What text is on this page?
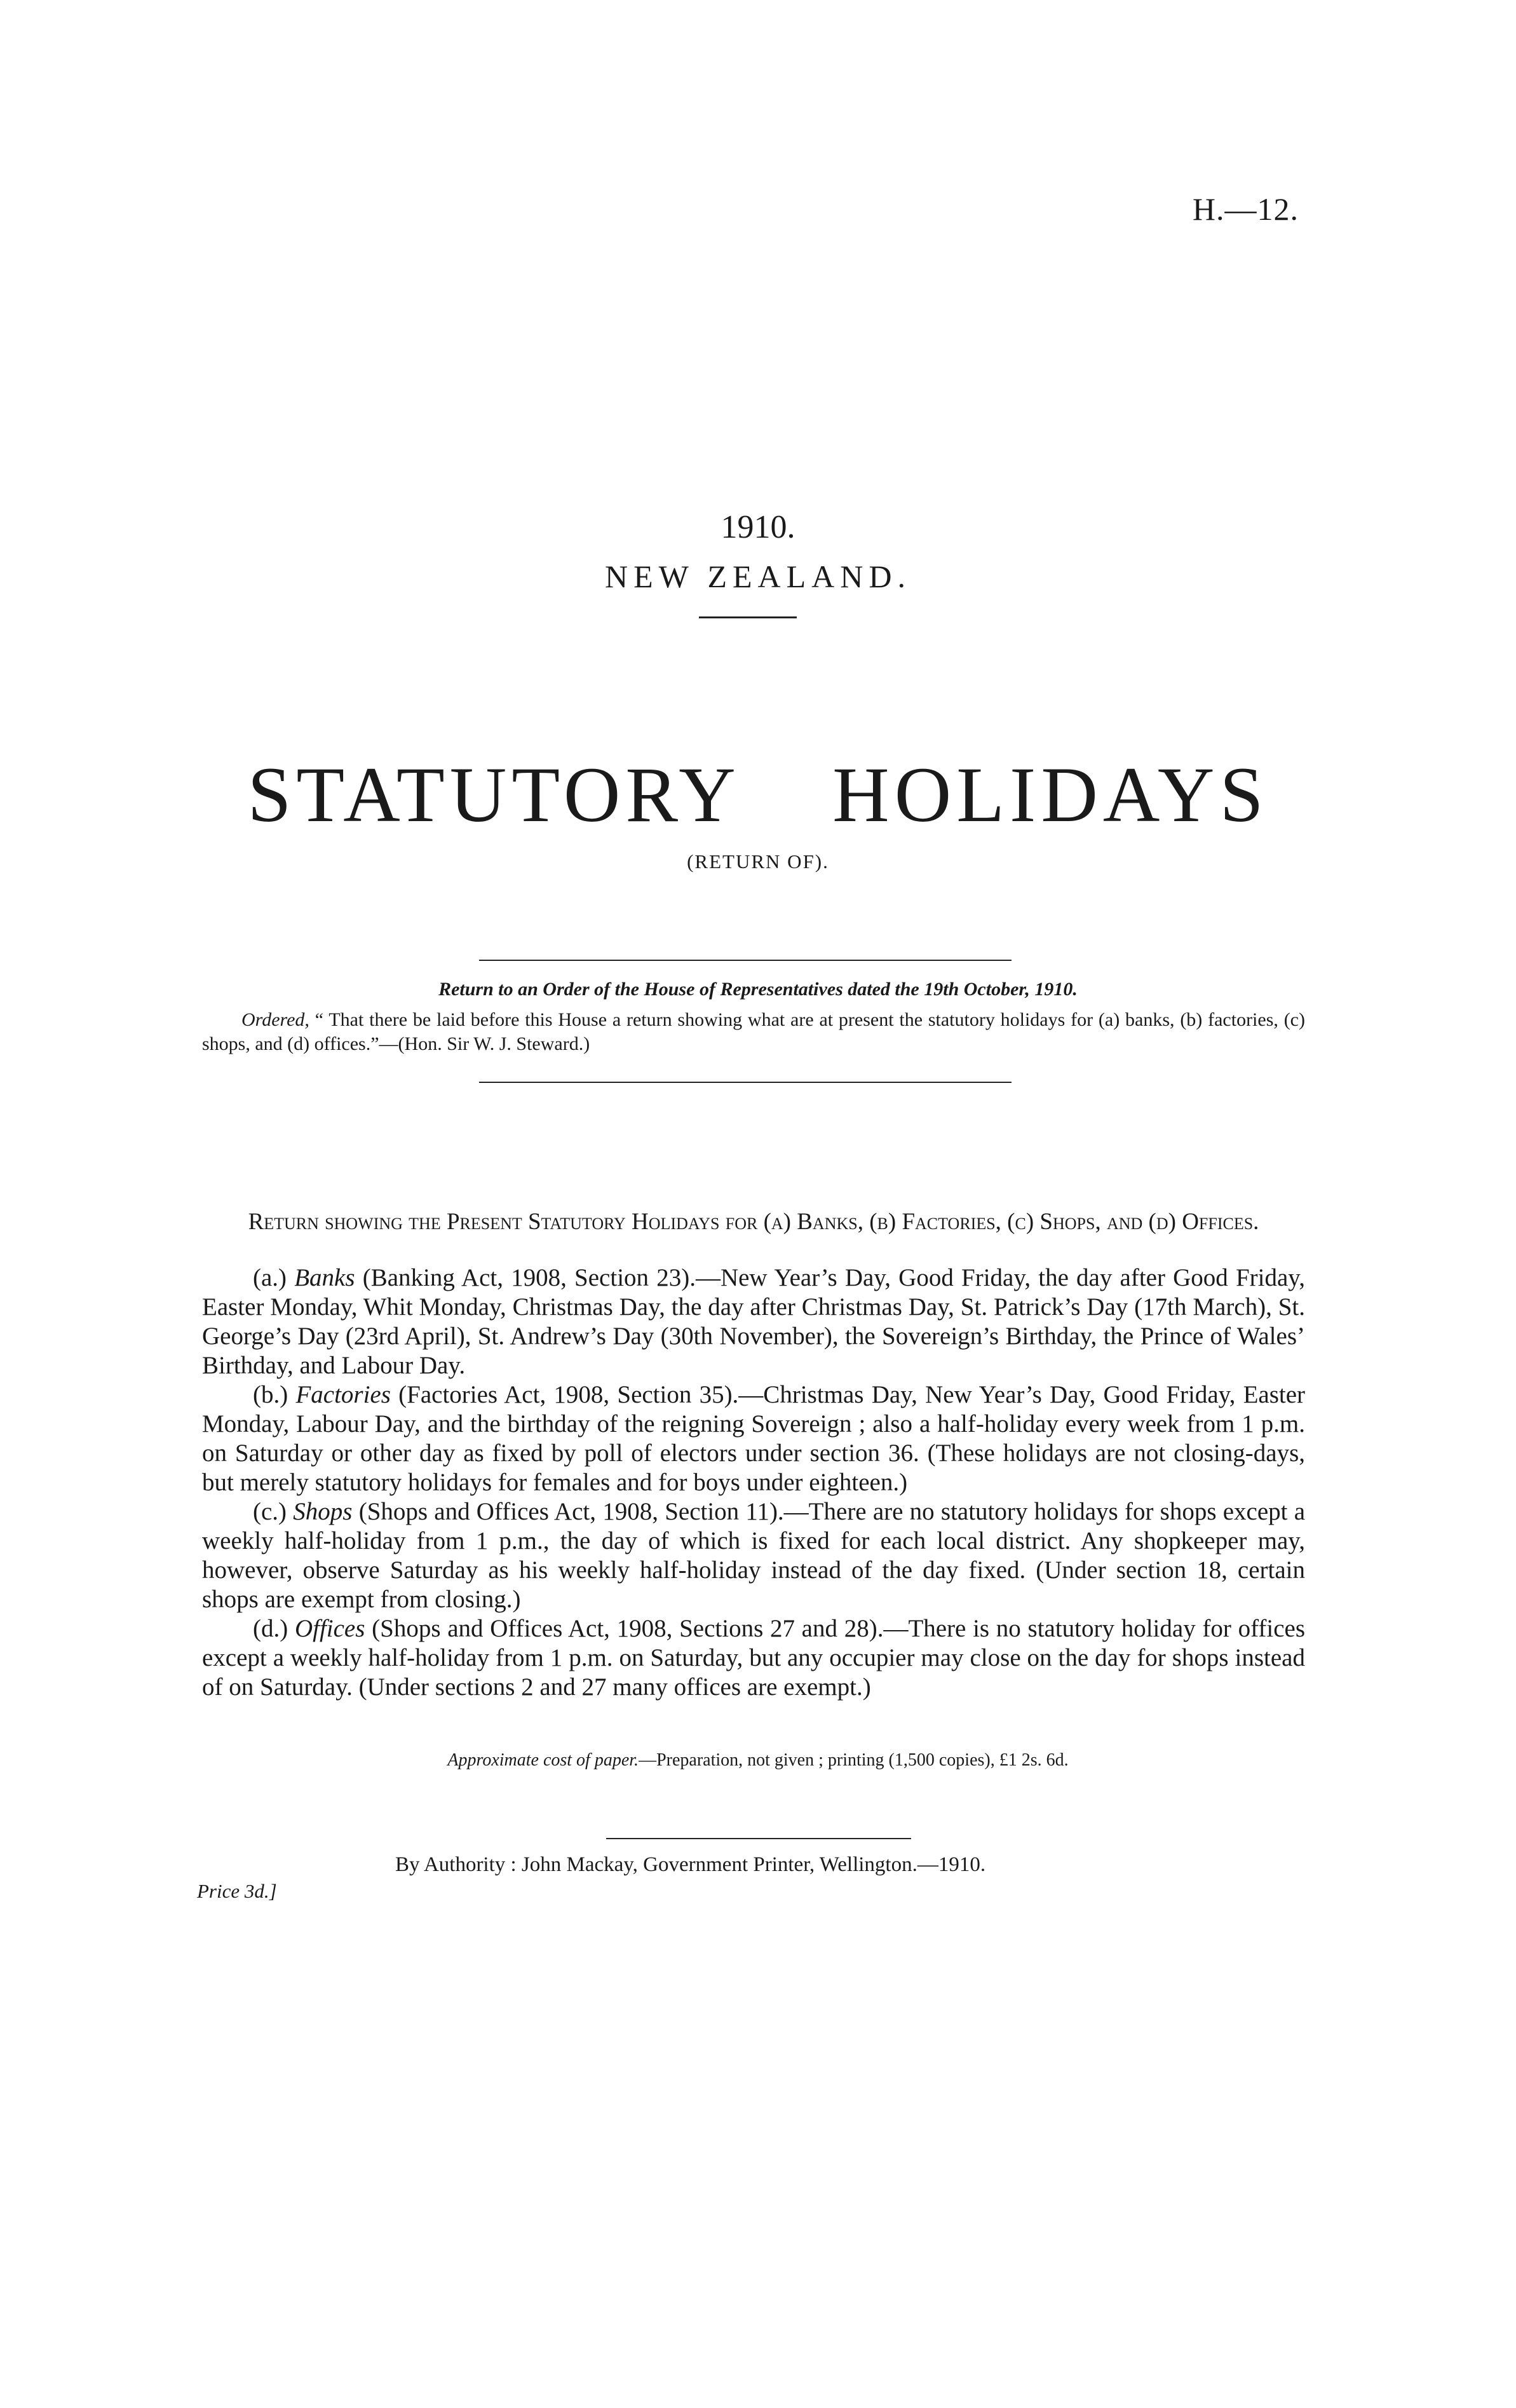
H.—12.
1910.
NEW ZEALAND.
STATUTORY HOLIDAYS
(RETURN OF).
Return to an Order of the House of Representatives dated the 19th October, 1910.
Ordered, “ That there be laid before this House a return showing what are at present the statutory holidays for (a) banks, (b) factories, (c) shops, and (d) offices.”—(Hon. Sir W. J. Steward.)
Return showing the Present Statutory Holidays for (a) Banks, (b) Factories, (c) Shops, and (d) Offices.

(a.) Banks (Banking Act, 1908, Section 23).—New Year’s Day, Good Friday, the day after Good Friday, Easter Monday, Whit Monday, Christmas Day, the day after Christmas Day, St. Patrick’s Day (17th March), St. George’s Day (23rd April), St. Andrew’s Day (30th November), the Sovereign’s Birthday, the Prince of Wales’ Birthday, and Labour Day.

(b.) Factories (Factories Act, 1908, Section 35).—Christmas Day, New Year’s Day, Good Friday, Easter Monday, Labour Day, and the birthday of the reigning Sovereign ; also a half-holiday every week from 1 p.m. on Saturday or other day as fixed by poll of electors under section 36. (These holidays are not closing-days, but merely statutory holidays for females and for boys under eighteen.)

(c.) Shops (Shops and Offices Act, 1908, Section 11).—There are no statutory holidays for shops except a weekly half-holiday from 1 p.m., the day of which is fixed for each local district. Any shopkeeper may, however, observe Saturday as his weekly half-holiday instead of the day fixed. (Under section 18, certain shops are exempt from closing.)

(d.) Offices (Shops and Offices Act, 1908, Sections 27 and 28).—There is no statutory holiday for offices except a weekly half-holiday from 1 p.m. on Saturday, but any occupier may close on the day for shops instead of on Saturday. (Under sections 2 and 27 many offices are exempt.)

Approximate cost of paper.—Preparation, not given ; printing (1,500 copies), £1 2s. 6d.
By Authority : John Mackay, Government Printer, Wellington.—1910.
Price 3d.]
